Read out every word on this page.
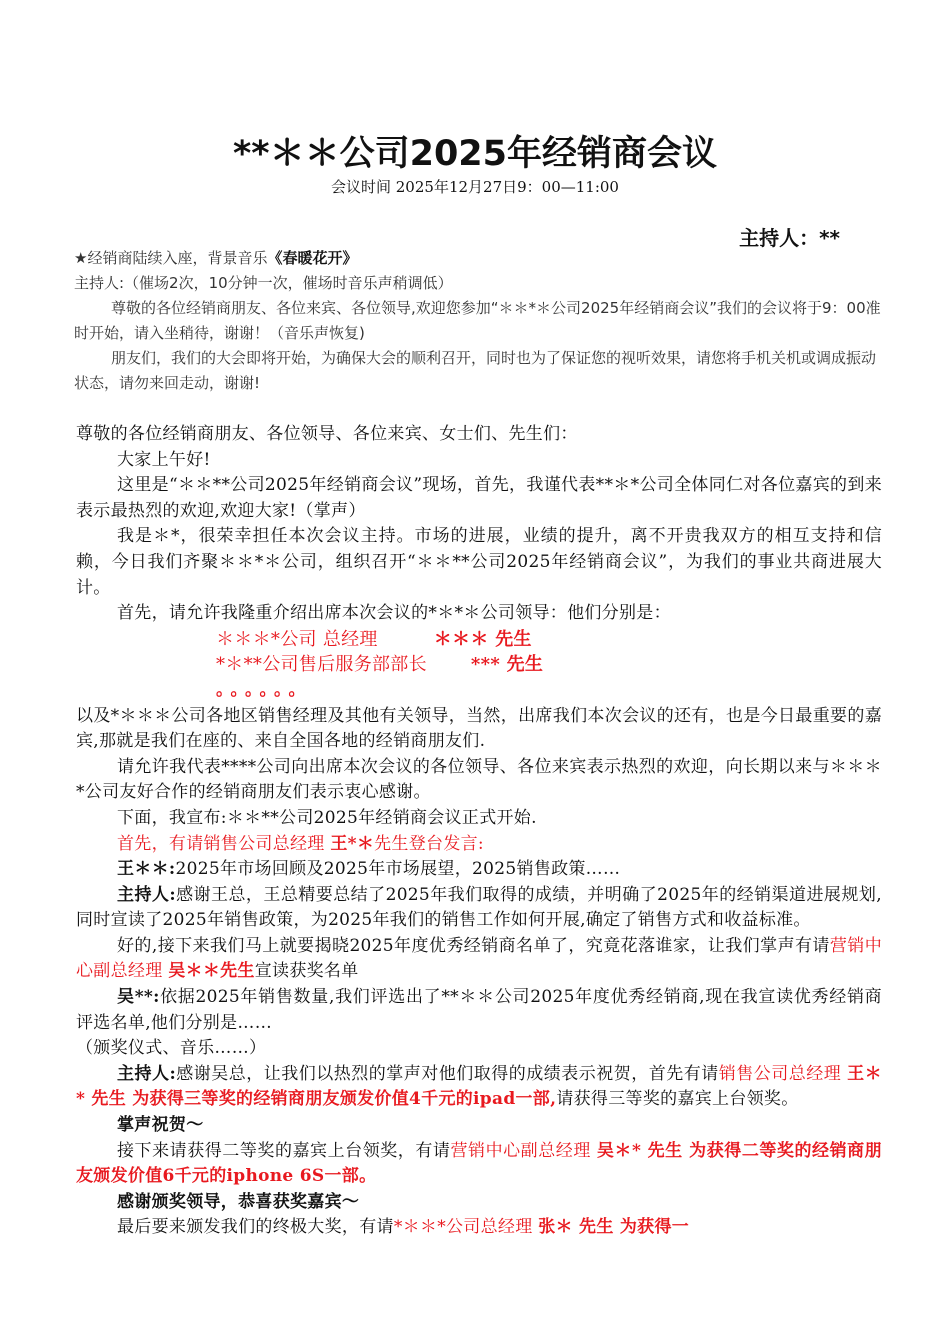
**＊＊公司2025年经销商会议
会议时间 2025年12月27日9：00—11:00
主持人：**
★经销商陆续入座，背景音乐《春暖花开》
主持人:（催场2次，10分钟一次，催场时音乐声稍调低）
尊敬的各位经销商朋友、各位来宾、各位领导,欢迎您参加“＊＊*＊公司2025年经销商会议”我们的会议将于9：00准时开始，请入坐稍待，谢谢！（音乐声恢复)
朋友们，我们的大会即将开始，为确保大会的顺利召开，同时也为了保证您的视听效果，请您将手机关机或调成振动状态，请勿来回走动，谢谢!

尊敬的各位经销商朋友、各位领导、各位来宾、女士们、先生们：

大家上午好!

这里是“＊＊**公司2025年经销商会议”现场，首先，我谨代表**＊*公司全体同仁对各位嘉宾的到来表示最热烈的欢迎,欢迎大家!（掌声）

我是＊*，很荣幸担任本次会议主持。市场的进展，业绩的提升，离不开贵我双方的相互支持和信赖，今日我们齐聚＊＊*＊公司，组织召开“＊＊**公司2025年经销商会议”，为我们的事业共商进展大计。

首先，请允许我隆重介绍出席本次会议的*＊*＊公司领导：他们分别是：

＊＊＊*公司 总经理	＊＊＊ 先生

*＊**公司售后服务部部长 *** 先生

。。。。。。

以及*＊＊＊公司各地区销售经理及其他有关领导，当然，出席我们本次会议的还有，也是今日最重要的嘉宾,那就是我们在座的、来自全国各地的经销商朋友们.

请允许我代表****公司向出席本次会议的各位领导、各位来宾表示热烈的欢迎，向长期以来与＊＊＊*公司友好合作的经销商朋友们表示衷心感谢。

下面，我宣布:＊＊**公司2025年经销商会议正式开始.

首先，有请销售公司总经理 王*＊先生登台发言:

王＊＊:2025年市场回顾及2025年市场展望，2025销售政策……

主持人:感谢王总，王总精要总结了2025年我们取得的成绩，并明确了2025年的经销渠道进展规划,同时宣读了2025年销售政策，为2025年我们的销售工作如何开展,确定了销售方式和收益标准。

好的,接下来我们马上就要揭晓2025年度优秀经销商名单了，究竟花落谁家，让我们掌声有请营销中心副总经理 吴＊＊先生宣读获奖名单

吴**:依据2025年销售数量,我们评选出了**＊＊公司2025年度优秀经销商,现在我宣读优秀经销商评选名单,他们分别是……

（颁奖仪式、音乐……）

主持人:感谢吴总，让我们以热烈的掌声对他们取得的成绩表示祝贺，首先有请销售公司总经理 王＊* 先生 为获得三等奖的经销商朋友颁发价值4千元的ipad一部,请获得三等奖的嘉宾上台领奖。

掌声祝贺～

接下来请获得二等奖的嘉宾上台领奖，有请营销中心副总经理 吴＊* 先生 为获得二等奖的经销商朋友颁发价值6千元的iphone 6S一部。

感谢颁奖领导，恭喜获奖嘉宾～

最后要来颁发我们的终极大奖，有请*＊＊*公司总经理 张＊ 先生 为获得一
